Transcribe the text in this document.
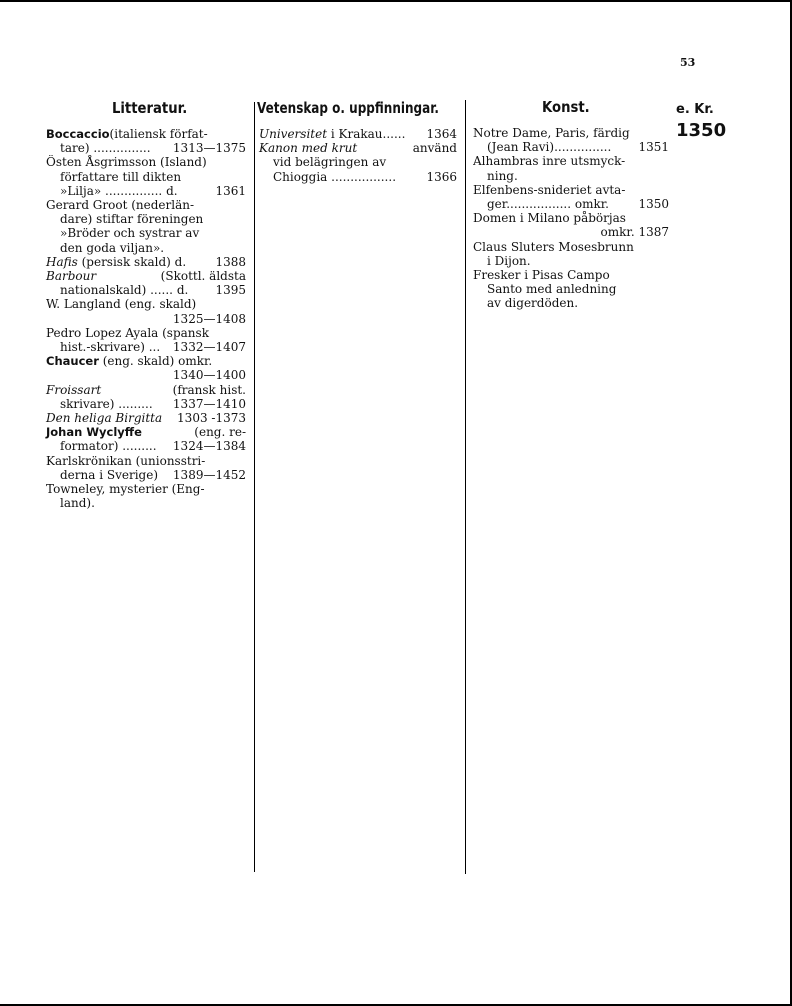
53
e. Kr.
1350
Litteratur.	Vetenskap o. uppfinningar.	Konst.
Boccaccio(italiensk förfat-
tare) ............... 1313—1375
Östen Åsgrimsson (Island)
författare till dikten
»Lilja» ............... d.	1361
Gerard Groot (nederlän-
dare) stiftar föreningen
»Bröder och systrar av
den goda viljan».
Hafis (persisk skald) d. 1388
Barbour	(Skottl. äldsta
nationalskald) ...... d. 1395
W. Langland (eng. skald)
1325—1408
Pedro Lopez Ayala (spansk
hist.-skrivare) ... 1332—1407
Chaucer (eng. skald) omkr.
1340—1400
Froissart	(fransk hist.
skrivare) ......... 1337—1410
Den heliga Birgitta 1303 -1373
Johan Wyclyffe	(eng. re-
formator) ......... 1324—1384
Karlskrönikan (unionsstri-
derna i Sverige) 1389—1452
Towneley, mysterier (Eng-
land).
Universitet i Krakau...... 1364
Kanon med krut	använd
vid belägringen av
Chioggia .................	1366
Notre Dame, Paris, färdig
(Jean Ravi)............... 1351
Alhambras inre utsmyck-
ning.
Elfenbens-snideriet avta-
ger................. omkr. 1350
Domen i Milano påbörjas
omkr. 1387
Claus Sluters Mosesbrunn
i Dijon.
Fresker i Pisas Campo
Santo med anledning
av digerdöden.
